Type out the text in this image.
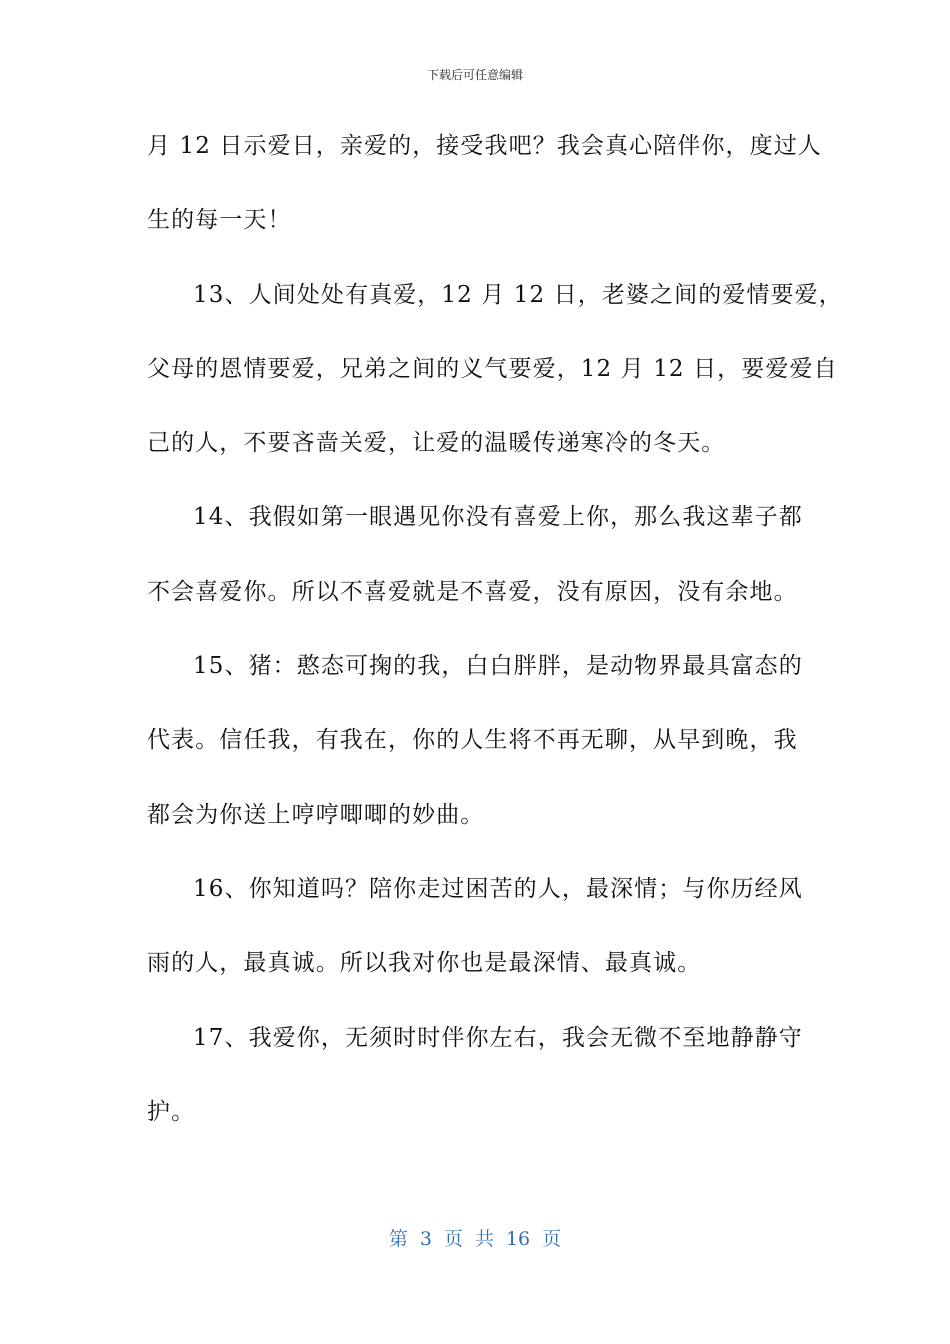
下载后可任意编辑
月 12 日示爱日，亲爱的，接受我吧？我会真心陪伴你，度过人
生的每一天！
13、人间处处有真爱，12 月 12 日，老婆之间的爱情要爱，
父母的恩情要爱，兄弟之间的义气要爱，12 月 12 日，要爱爱自
己的人，不要吝啬关爱，让爱的温暖传递寒冷的冬天。
14、我假如第一眼遇见你没有喜爱上你，那么我这辈子都
不会喜爱你。所以不喜爱就是不喜爱，没有原因，没有余地。
15、猪：憨态可掬的我，白白胖胖，是动物界最具富态的
代表。信任我，有我在，你的人生将不再无聊，从早到晚，我
都会为你送上哼哼唧唧的妙曲。
16、你知道吗？陪你走过困苦的人，最深情；与你历经风
雨的人，最真诚。所以我对你也是最深情、最真诚。
17、我爱你，无须时时伴你左右，我会无微不至地静静守
护。
第 3 页 共 16 页
